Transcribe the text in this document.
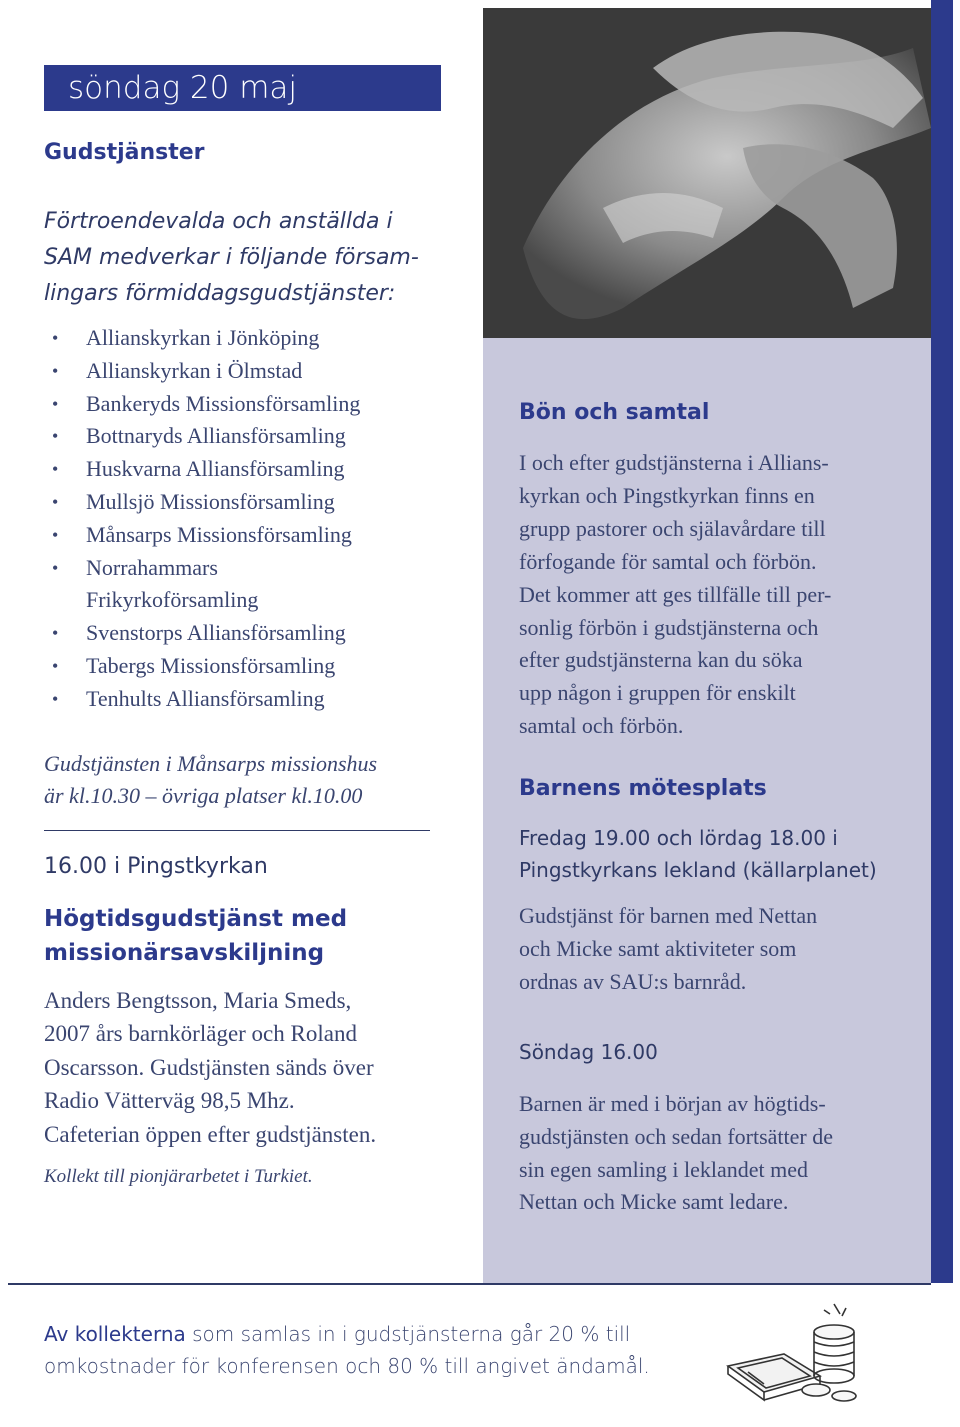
söndag 20 maj
Gudstjänster
Förtroendevalda och anställda i
SAM medverkar i följande försam-
lingars förmiddagsgudstjänster:
• Allianskyrkan i Jönköping
• Allianskyrkan i Ölmstad
• Bankeryds Missionsförsamling
• Bottnaryds Alliansförsamling
• Huskvarna Alliansförsamling
• Mullsjö Missionsförsamling
• Månsarps Missionsförsamling
• Norrahammars Frikyrkoförsamling
• Svenstorps Alliansförsamling
• Tabergs Missionsförsamling
• Tenhults Alliansförsamling
Gudstjänsten i Månsarps missionshus
är kl.10.30 – övriga platser kl.10.00
16.00 i Pingstkyrkan
Högtidsgudstjänst med
missionärsavskiljning
Anders Bengtsson, Maria Smeds,
2007 års barnkörläger och Roland
Oscarsson. Gudstjänsten sänds över
Radio Vätterväg 98,5 Mhz.
Cafeterian öppen efter gudstjänsten.
Kollekt till pionjärarbetet i Turkiet.
Bön och samtal
I och efter gudstjänsterna i Allians-
kyrkan och Pingstkyrkan finns en
grupp pastorer och själavårdare till
förfogande för samtal och förbön.
Det kommer att ges tillfälle till per-
sonlig förbön i gudstjänsterna och
efter gudstjänsterna kan du söka
upp någon i gruppen för enskilt
samtal och förbön.
Barnens mötesplats
Fredag 19.00 och lördag 18.00 i
Pingstkyrkans lekland (källarplanet)
Gudstjänst för barnen med Nettan
och Micke samt aktiviteter som
ordnas av SAU:s barnråd.
Söndag 16.00
Barnen är med i början av högtids-
gudstjänsten och sedan fortsätter de
sin egen samling i leklandet med
Nettan och Micke samt ledare.
Av kollekterna som samlas in i gudstjänsterna går 20 % till
omkostnader för konferensen och 80 % till angivet ändamål.
